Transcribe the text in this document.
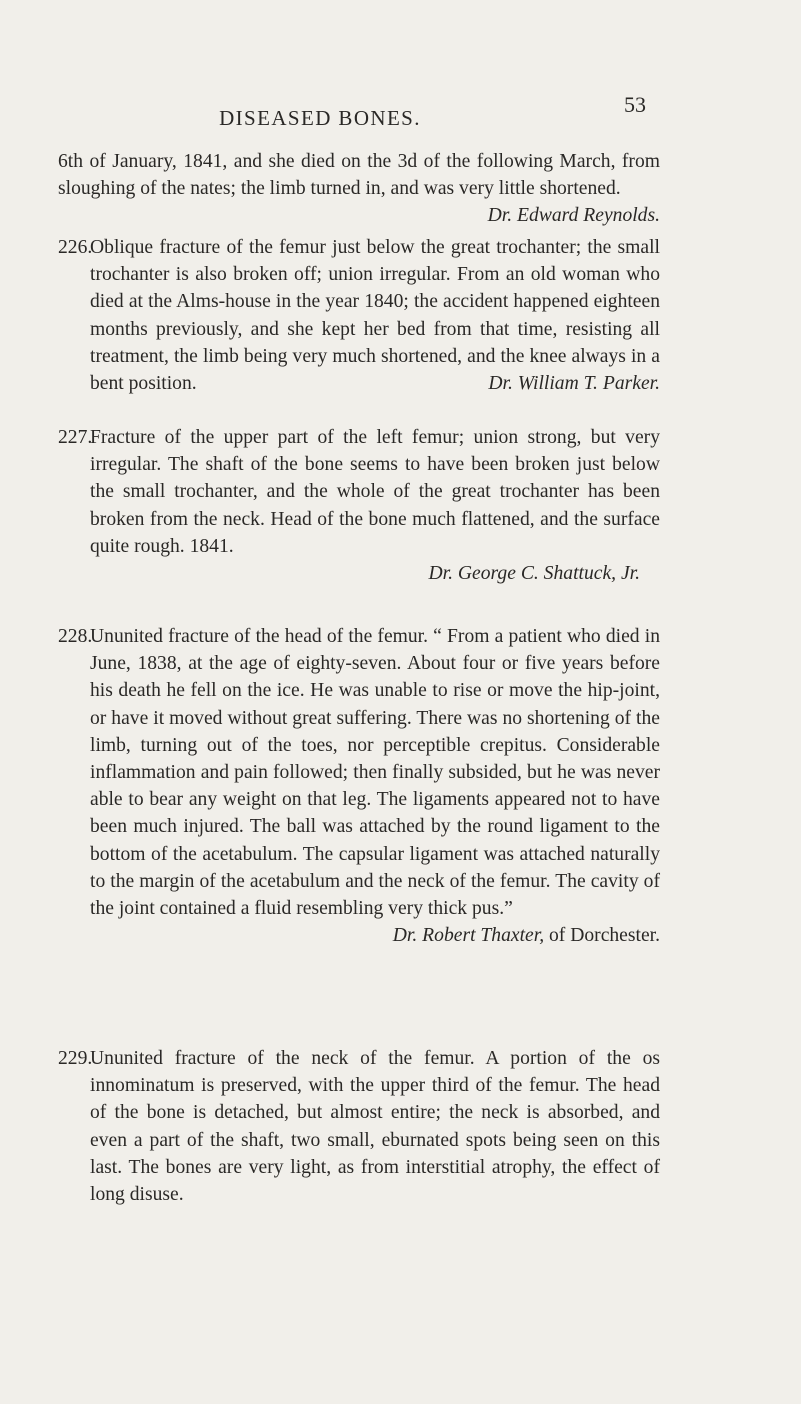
DISEASED BONES.
53

6th of January, 1841, and she died on the 3d of the following March, from sloughing of the nates; the limb turned in, and was very little shortened.
Dr. Edward Reynolds.

226.Oblique fracture of the femur just below the great trochanter; the small trochanter is also broken off; union irregular. From an old woman who died at the Alms-house in the year 1840; the accident happened eighteen months previously, and she kept her bed from that time, resisting all treatment, the limb being very much shortened, and the knee always in a bent position.	Dr. William T. Parker.

227.Fracture of the upper part of the left femur; union strong, but very irregular. The shaft of the bone seems to have been broken just below the small trochanter, and the whole of the great trochanter has been broken from the neck. Head of the bone much flattened, and the surface quite rough. 1841.

Dr. George C. Shattuck, Jr.

228.Ununited fracture of the head of the femur. “ From a patient who died in June, 1838, at the age of eighty-seven. About four or five years before his death he fell on the ice. He was unable to rise or move the hip-joint, or have it moved without great suffering. There was no shortening of the limb, turning out of the toes, nor perceptible crepitus. Considerable inflammation and pain followed; then finally subsided, but he was never able to bear any weight on that leg. The ligaments appeared not to have been much injured. The ball was attached by the round ligament to the bottom of the acetabulum. The capsular ligament was attached naturally to the margin of the acetabulum and the neck of the femur. The cavity of the joint contained a fluid resembling very thick pus.”
Dr. Robert Thaxter, of Dorchester.

229.Ununited fracture of the neck of the femur. A portion of the os innominatum is preserved, with the upper third of the femur. The head of the bone is detached, but almost entire; the neck is absorbed, and even a part of the shaft, two small, eburnated spots being seen on this last. The bones are very light, as from interstitial atrophy, the effect of long disuse.
